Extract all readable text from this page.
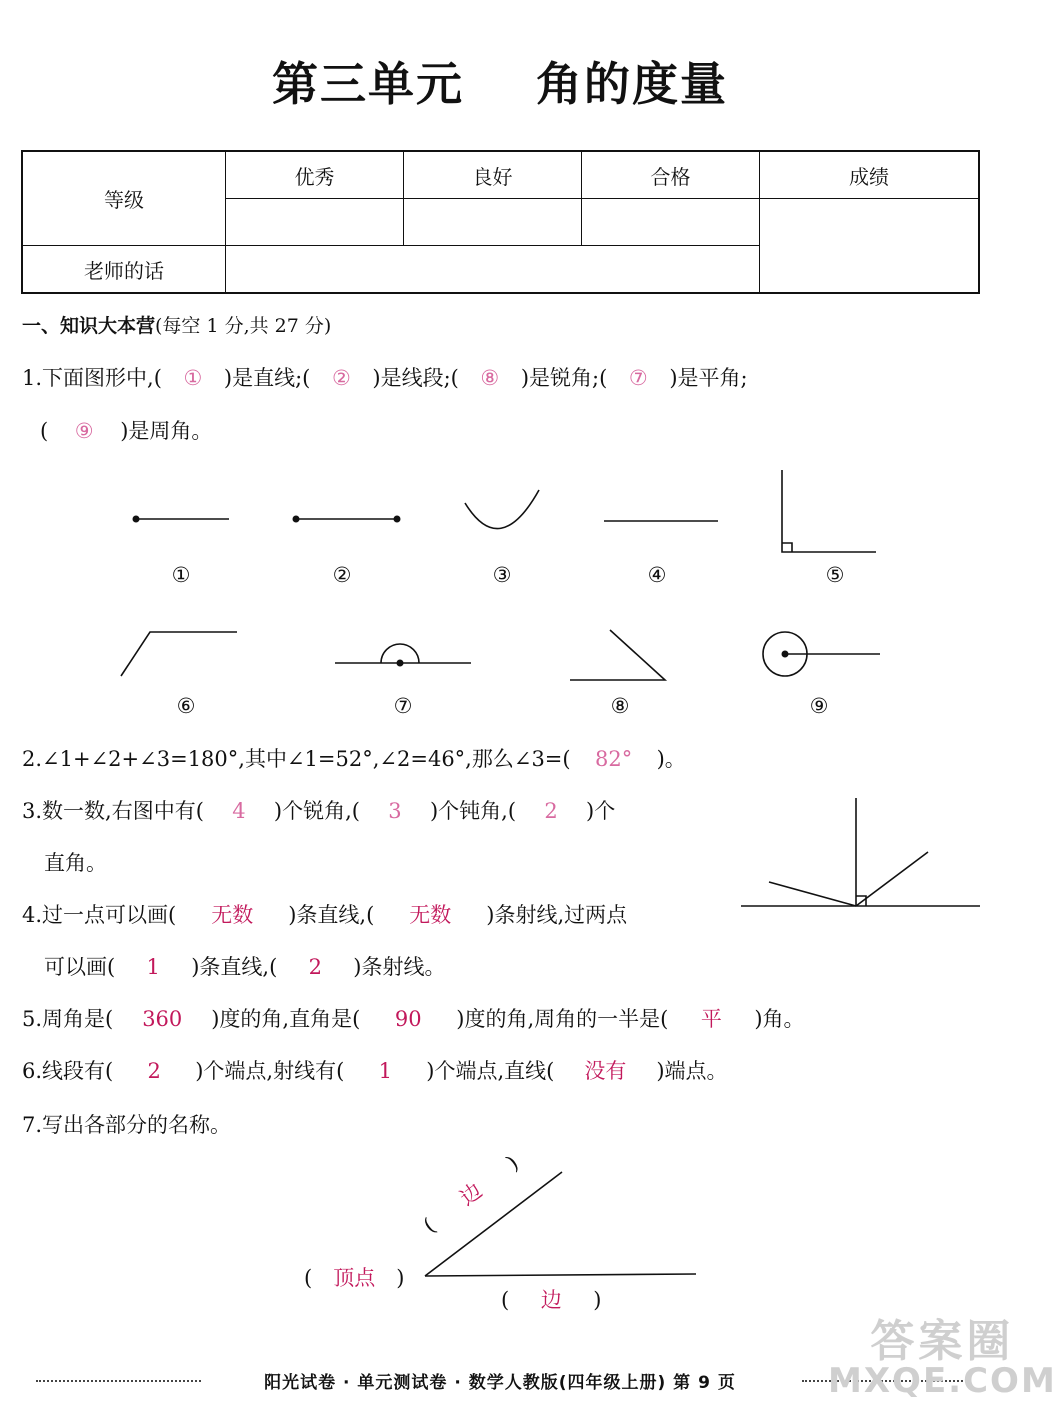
第三单元    角的度量
等级	优秀	良好	合格	成绩

老师的话				
一、知识大本营(每空 1 分,共 27 分)
1.下面图形中,( ① )是直线;( ② )是线段;( ⑧ )是锐角;( ⑦ )是平角;
( ⑨ )是周角。
①	②	③	④	⑤
⑥	⑦	⑧	⑨
2.∠1+∠2+∠3=180°,其中∠1=52°,∠2=46°,那么∠3=( 82° )。
3.数一数,右图中有( 4 )个锐角,( 3 )个钝角,( 2 )个
直角。
4.过一点可以画( 无数 )条直线,( 无数 )条射线,过两点
可以画( 1 )条直线,( 2 )条射线。
5.周角是( 360 )度的角,直角是( 90 )度的角,周角的一半是( 平 )角。
6.线段有( 2 )个端点,射线有( 1 )个端点,直线( 没有 )端点。
7.写出各部分的名称。
(边)
( 顶点 )
( 边 )
阳光试卷 · 单元测试卷 · 数学人教版(四年级上册) 第 9 页
答案圈
MXQE.COM
